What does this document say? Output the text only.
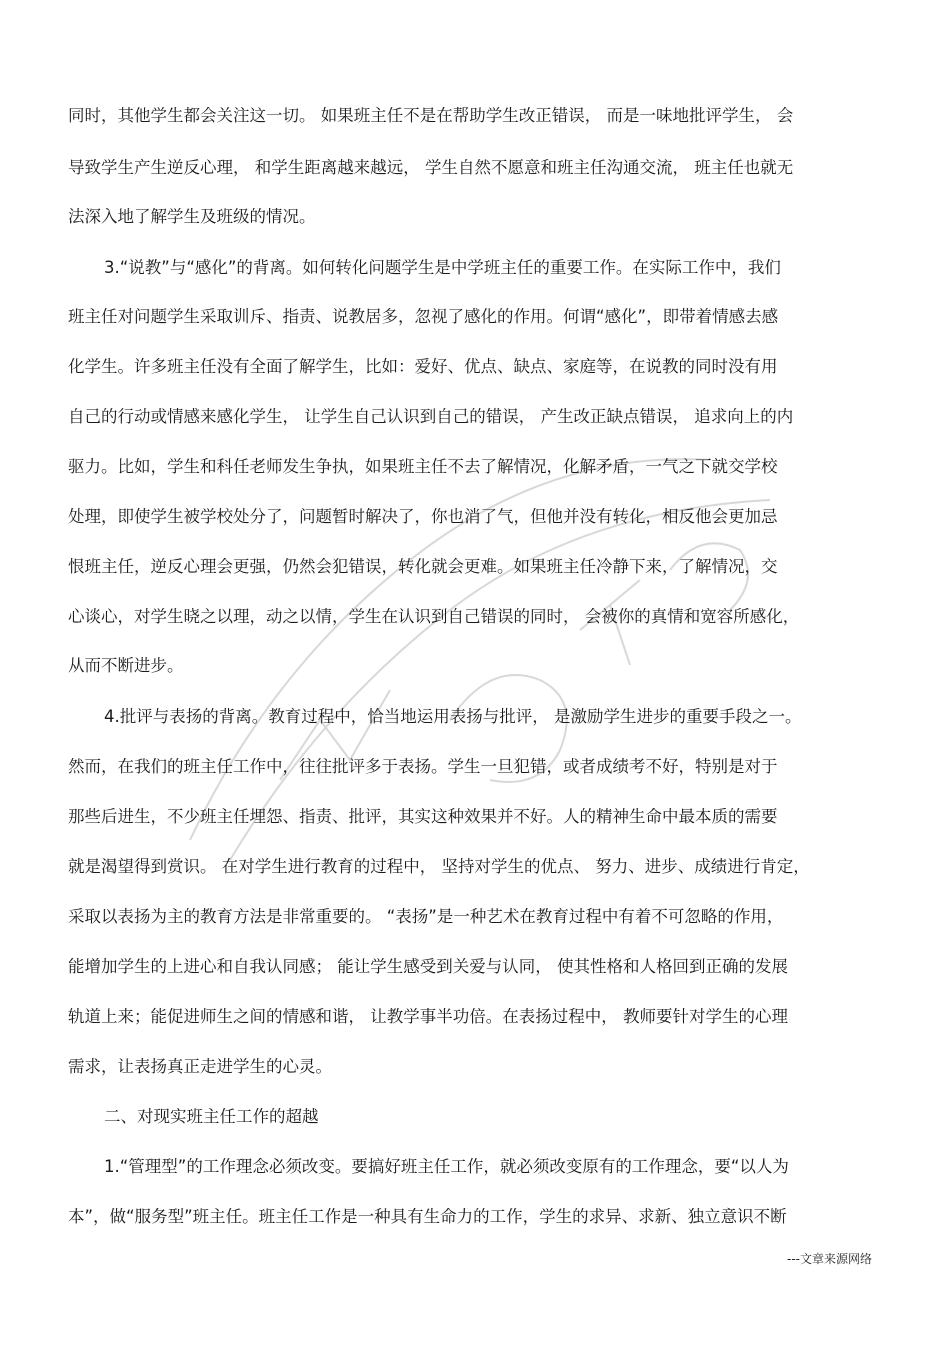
同时，其他学生都会关注这一切。 如果班主任不是在帮助学生改正错误， 而是一味地批评学生， 会
导致学生产生逆反心理， 和学生距离越来越远， 学生自然不愿意和班主任沟通交流， 班主任也就无
法深入地了解学生及班级的情况。
3.“说教”与“感化”的背离。如何转化问题学生是中学班主任的重要工作。在实际工作中，我们
班主任对问题学生采取训斥、指责、说教居多，忽视了感化的作用。何谓“感化”，即带着情感去感
化学生。许多班主任没有全面了解学生，比如：爱好、优点、缺点、家庭等，在说教的同时没有用
自己的行动或情感来感化学生， 让学生自己认识到自己的错误， 产生改正缺点错误， 追求向上的内
驱力。比如，学生和科任老师发生争执，如果班主任不去了解情况，化解矛盾，一气之下就交学校
处理，即使学生被学校处分了，问题暂时解决了，你也消了气，但他并没有转化，相反他会更加忌
恨班主任，逆反心理会更强，仍然会犯错误，转化就会更难。如果班主任冷静下来，了解情况，交
心谈心，对学生晓之以理，动之以情，学生在认识到自己错误的同时， 会被你的真情和宽容所感化，
从而不断进步。
4.批评与表扬的背离。教育过程中，恰当地运用表扬与批评， 是激励学生进步的重要手段之一。
然而，在我们的班主任工作中，往往批评多于表扬。学生一旦犯错，或者成绩考不好，特别是对于
那些后进生，不少班主任埋怨、指责、批评，其实这种效果并不好。人的精神生命中最本质的需要
就是渴望得到赏识。 在对学生进行教育的过程中， 坚持对学生的优点、 努力、进步、成绩进行肯定，
采取以表扬为主的教育方法是非常重要的。 “表扬”是一种艺术在教育过程中有着不可忽略的作用，
能增加学生的上进心和自我认同感； 能让学生感受到关爱与认同， 使其性格和人格回到正确的发展
轨道上来；能促进师生之间的情感和谐， 让教学事半功倍。在表扬过程中， 教师要针对学生的心理
需求，让表扬真正走进学生的心灵。
二、对现实班主任工作的超越
1.“管理型”的工作理念必须改变。要搞好班主任工作，就必须改变原有的工作理念，要“以人为
本”，做“服务型”班主任。班主任工作是一种具有生命力的工作，学生的求异、求新、独立意识不断
---文章来源网络
